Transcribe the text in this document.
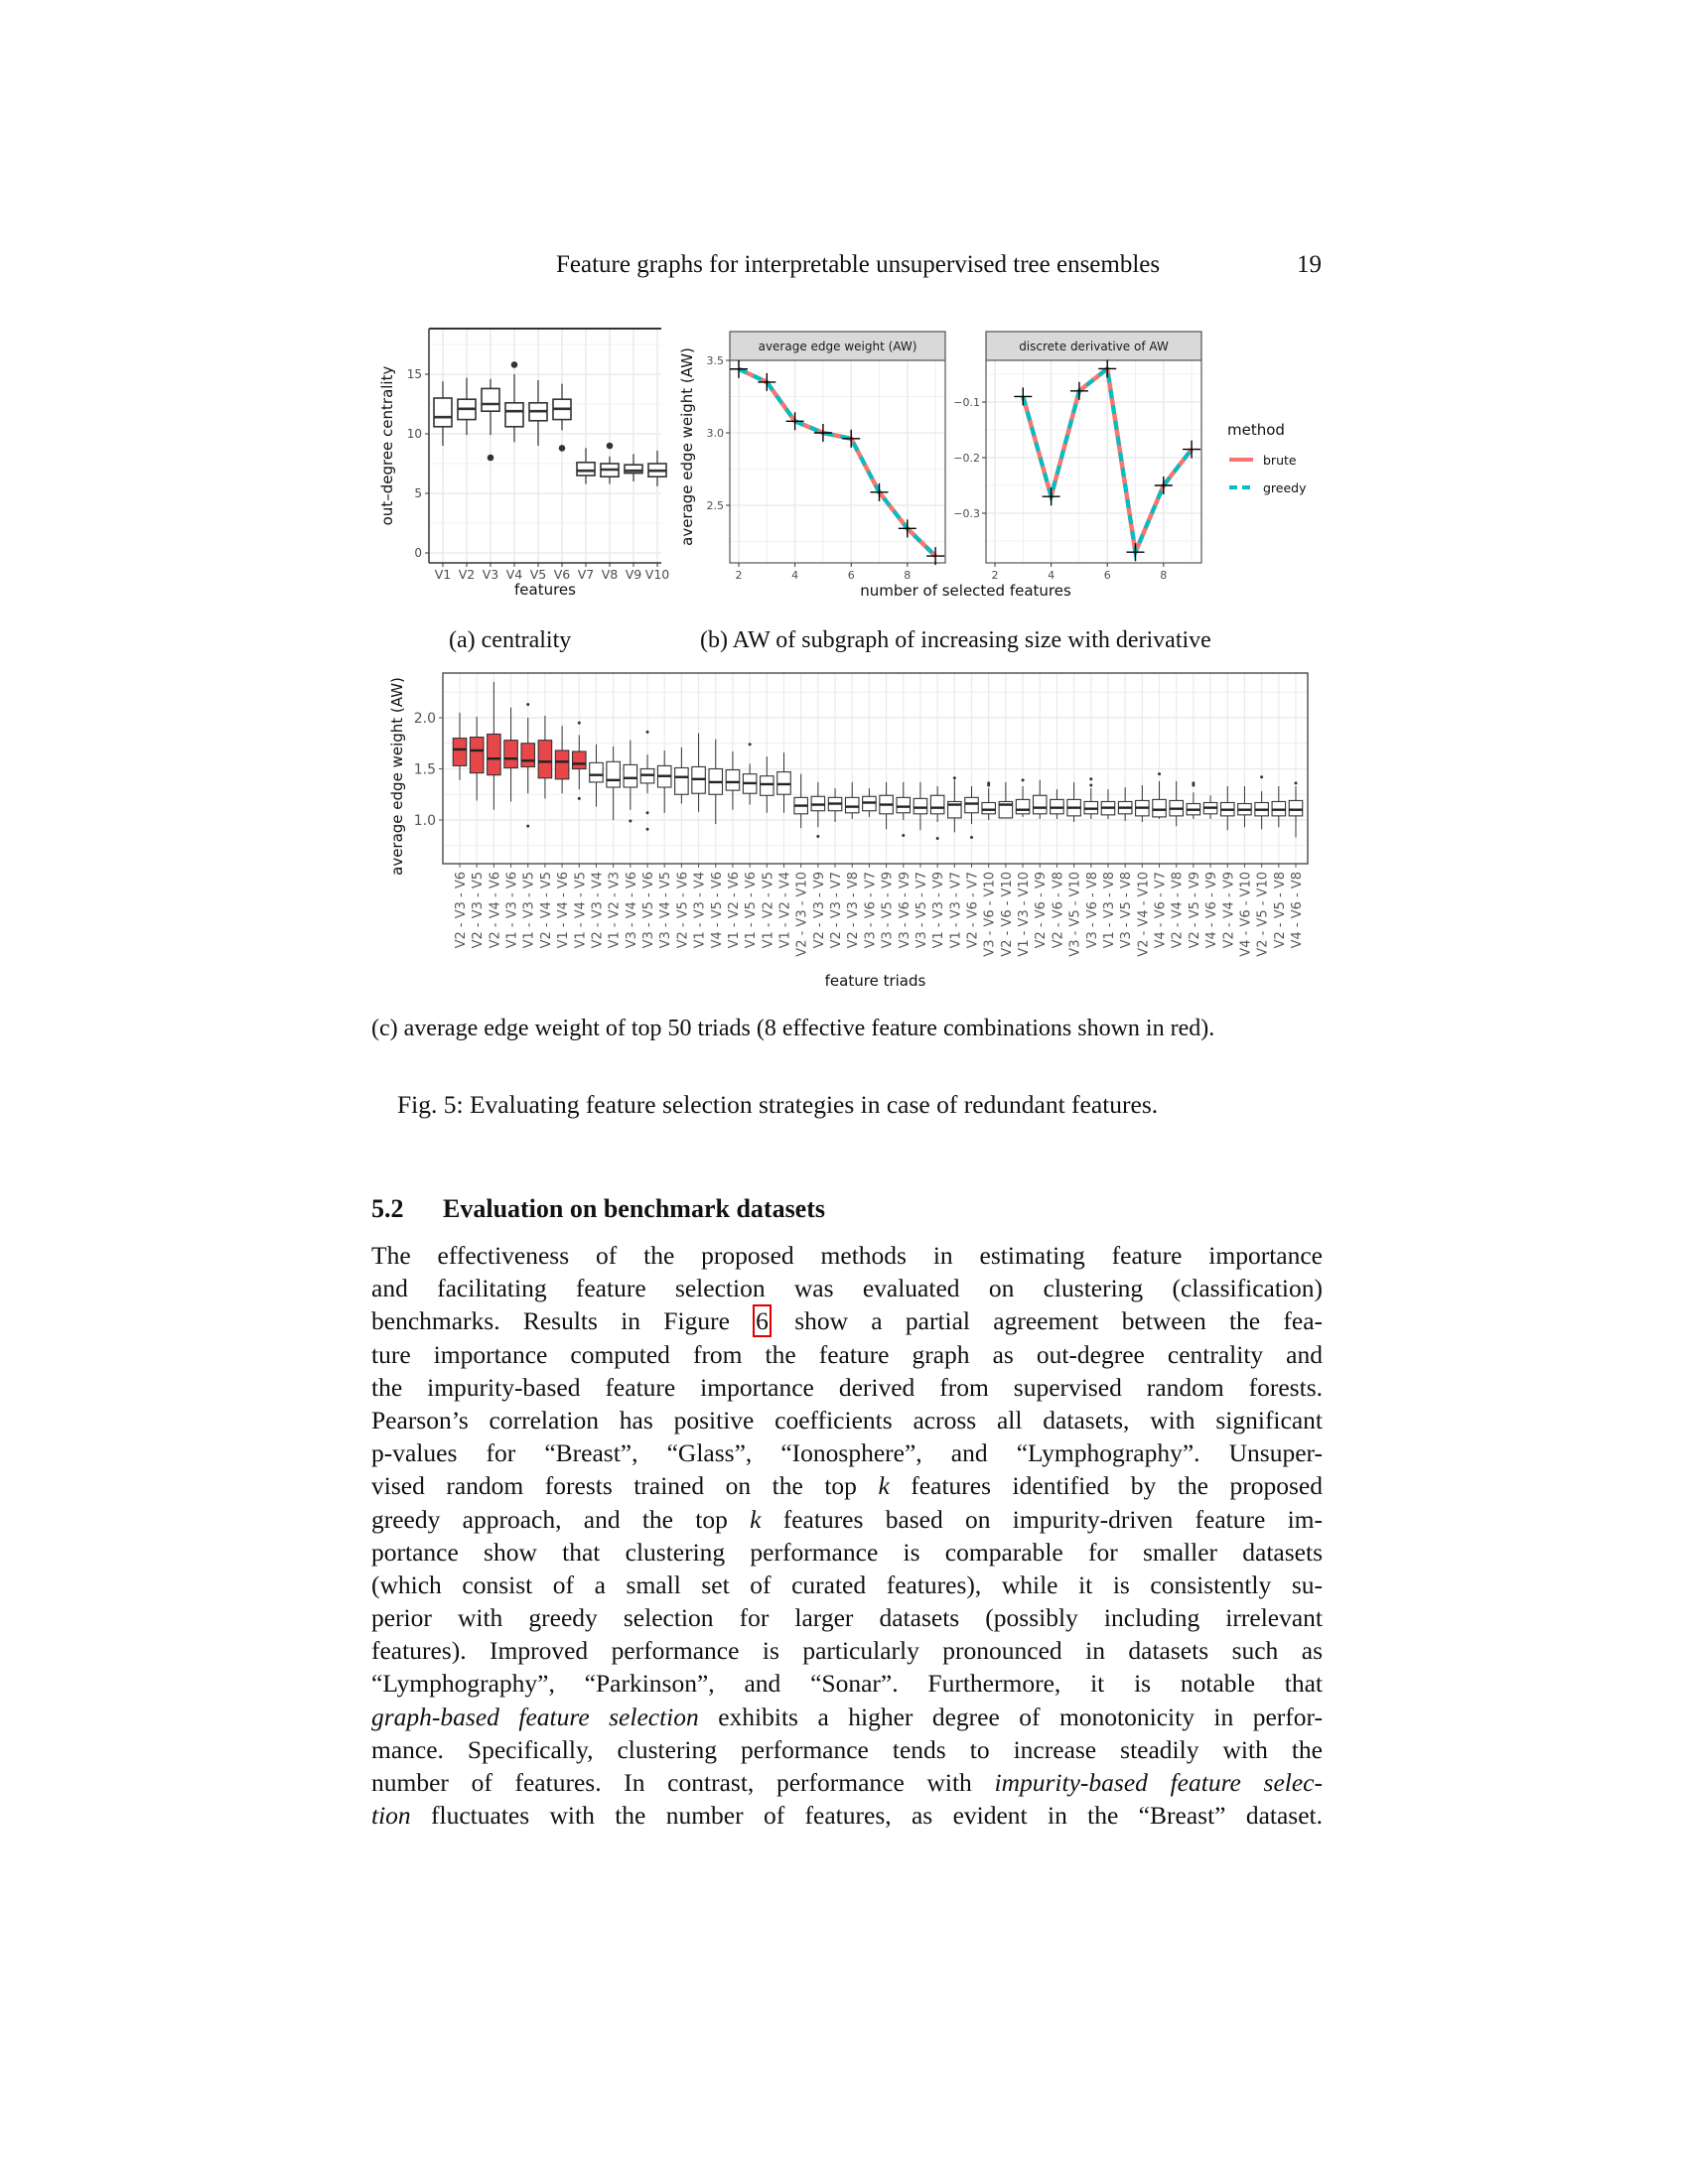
Feature graphs for interpretable unsupervised tree ensembles	19
0
5
10
15
V1 V2 V3 V4 V5 V6 V7 V8 V9 V10
features
out–degree centrality
average edge weight (AW)
2.5
3.0
3.5
2	4	6	8
discrete derivative of AW
−0.3
−0.2
−0.1
2	4	6	8
average edge weight (AW)
number of selected features
method
brute
greedy
1.0
1.5
2.0
V2 - V3 - V6 V2 - V3 - V5 V2 - V4 - V6 V1 - V3 - V6 V1 - V3 - V5 V2 - V4 - V5 V1 - V4 - V6 V1 - V4 - V5 V2 - V3 - V4 V1 - V2 - V3 V3 - V4 - V6 V3 - V5 - V6 V3 - V4 - V5 V2 - V5 - V6 V1 - V3 - V4 V4 - V5 - V6 V1 - V2 - V6 V1 - V5 - V6 V1 - V2 - V5 V1 - V2 - V4 V2 - V3 - V10 V2 - V3 - V9 V2 - V3 - V7 V2 - V3 - V8 V3 - V6 - V7 V3 - V5 - V9 V3 - V6 - V9 V3 - V5 - V7 V1 - V3 - V9 V1 - V3 - V7 V2 - V6 - V7 V3 - V6 - V10 V2 - V6 - V10 V1 - V3 - V10 V2 - V6 - V9 V2 - V6 - V8 V3 - V5 - V10 V3 - V6 - V8 V1 - V3 - V8 V3 - V5 - V8 V2 - V4 - V10 V4 - V6 - V7 V2 - V4 - V8 V2 - V5 - V9 V4 - V6 - V9 V2 - V4 - V9 V4 - V6 - V10 V2 - V5 - V10 V2 - V5 - V8 V4 - V6 - V8
feature triads
average edge weight (AW)
(a) centrality	(b) AW of subgraph of increasing size with derivative
(c) average edge weight of top 50 triads (8 effective feature combinations shown in red).
Fig. 5: Evaluating feature selection strategies in case of redundant features.
5.2 Evaluation on benchmark datasets
The effectiveness of the proposed methods in estimating feature importance
and facilitating feature selection was evaluated on clustering (classification)
benchmarks. Results in Figure 6 show a partial agreement between the fea-
ture importance computed from the feature graph as out-degree centrality and
the impurity-based feature importance derived from supervised random forests.
Pearson’s correlation has positive coefficients across all datasets, with significant
p-values for “Breast”, “Glass”, “Ionosphere”, and “Lymphography”. Unsuper-
vised random forests trained on the top k features identified by the proposed
greedy approach, and the top k features based on impurity-driven feature im-
portance show that clustering performance is comparable for smaller datasets
(which consist of a small set of curated features), while it is consistently su-
perior with greedy selection for larger datasets (possibly including irrelevant
features). Improved performance is particularly pronounced in datasets such as
“Lymphography”, “Parkinson”, and “Sonar”. Furthermore, it is notable that
graph-based feature selection exhibits a higher degree of monotonicity in perfor-
mance. Specifically, clustering performance tends to increase steadily with the
number of features. In contrast, performance with impurity-based feature selec-
tion fluctuates with the number of features, as evident in the “Breast” dataset.
